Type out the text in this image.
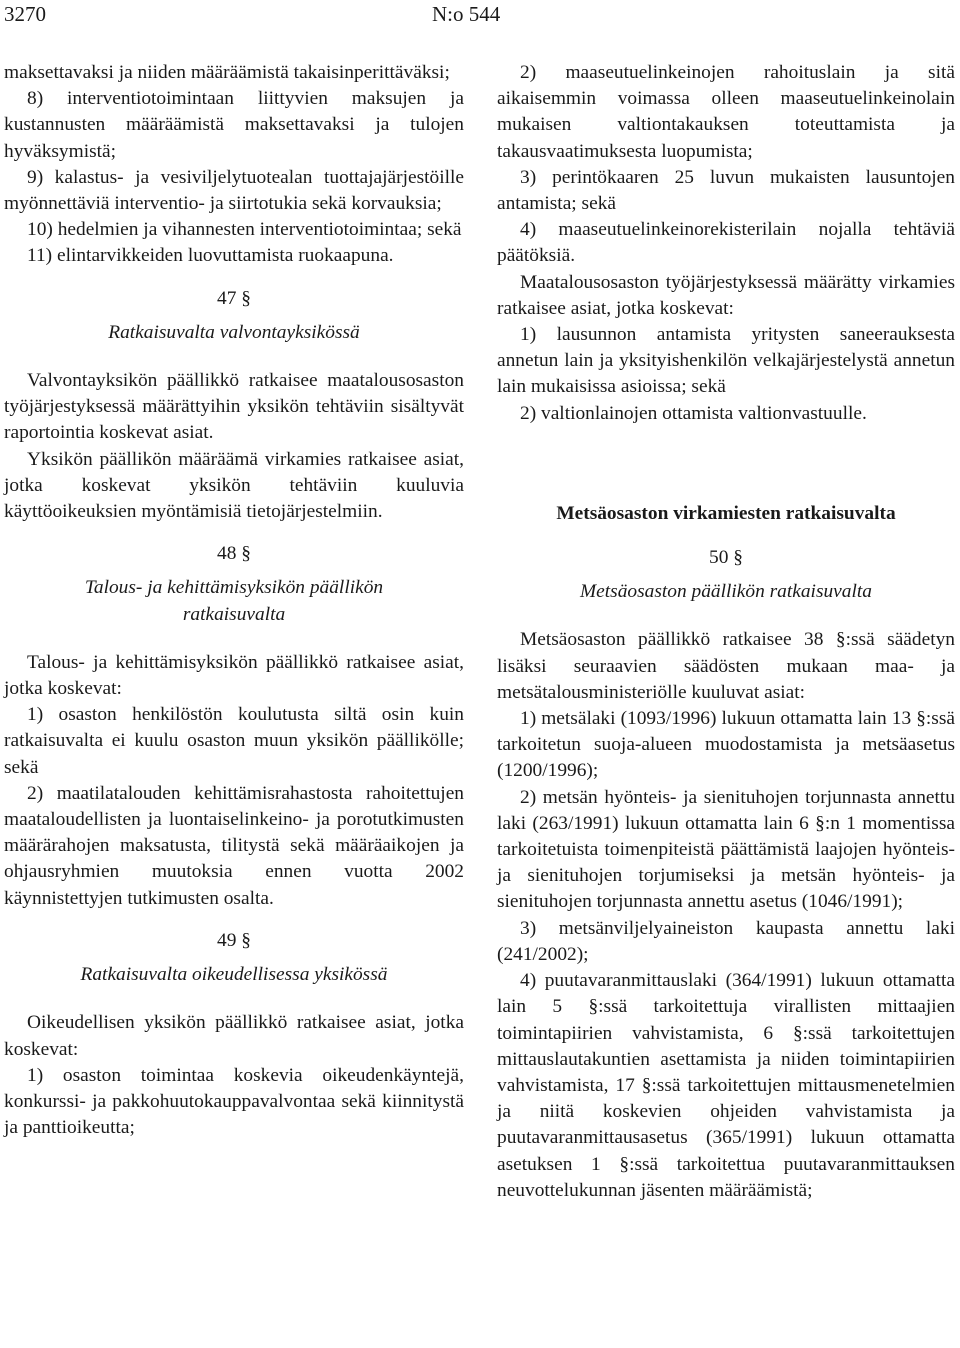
3270	N:o 544

maksettavaksi ja niiden määräämistä takaisinperittäväksi;

8) interventiotoimintaan liittyvien maksujen ja kustannusten määräämistä maksettavaksi ja tulojen hyväksymistä;

9) kalastus- ja vesiviljelytuotealan tuottajajärjestöille myönnettäviä interventio- ja siirtotukia sekä korvauksia;

10) hedelmien ja vihannesten interventiotoimintaa; sekä

11) elintarvikkeiden luovuttamista ruokaapuna.

47 §

Ratkaisuvalta valvontayksikössä

Valvontayksikön päällikkö ratkaisee maatalousosaston työjärjestyksessä määrättyihin yksikön tehtäviin sisältyvät raportointia koskevat asiat.

Yksikön päällikön määräämä virkamies ratkaisee asiat, jotka koskevat yksikön tehtäviin kuuluvia käyttöoikeuksien myöntämisiä tietojärjestelmiin.

48 §

Talous- ja kehittämisyksikön päällikön
ratkaisuvalta

Talous- ja kehittämisyksikön päällikkö ratkaisee asiat, jotka koskevat:

1) osaston henkilöstön koulutusta siltä osin kuin ratkaisuvalta ei kuulu osaston muun yksikön päällikölle; sekä

2) maatilatalouden kehittämisrahastosta rahoitettujen maataloudellisten ja luontaiselinkeino- ja porotutkimusten määrärahojen maksatusta, tilitystä sekä määräaikojen ja ohjausryhmien muutoksia ennen vuotta 2002 käynnistettyjen tutkimusten osalta.

49 §

Ratkaisuvalta oikeudellisessa yksikössä

Oikeudellisen yksikön päällikkö ratkaisee asiat, jotka koskevat:

1) osaston toimintaa koskevia oikeudenkäyntejä, konkurssi- ja pakkohuutokauppavalvontaa sekä kiinnitystä ja panttioikeutta;

2) maaseutuelinkeinojen rahoituslain ja sitä aikaisemmin voimassa olleen maaseutuelinkeinolain mukaisen valtiontakauksen toteuttamista ja takausvaatimuksesta luopumista;

3) perintökaaren 25 luvun mukaisten lausuntojen antamista; sekä

4) maaseutuelinkeinorekisterilain nojalla tehtäviä päätöksiä.

Maatalousosaston työjärjestyksessä määrätty virkamies ratkaisee asiat, jotka koskevat:

1) lausunnon antamista yritysten saneerauksesta annetun lain ja yksityishenkilön velkajärjestelystä annetun lain mukaisissa asioissa; sekä

2) valtionlainojen ottamista valtionvastuulle.

Metsäosaston virkamiesten ratkaisuvalta

50 §

Metsäosaston päällikön ratkaisuvalta

Metsäosaston päällikkö ratkaisee 38 §:ssä säädetyn lisäksi seuraavien säädösten mukaan maa- ja metsätalousministeriölle kuuluvat asiat:

1) metsälaki (1093/1996) lukuun ottamatta lain 13 §:ssä tarkoitetun suoja-alueen muodostamista ja metsäasetus (1200/1996);

2) metsän hyönteis- ja sienituhojen torjunnasta annettu laki (263/1991) lukuun ottamatta lain 6 §:n 1 momentissa tarkoitetuista toimenpiteistä päättämistä laajojen hyönteis- ja sienituhojen torjumiseksi ja metsän hyönteis- ja sienituhojen torjunnasta annettu asetus (1046/1991);

3) metsänviljelyaineiston kaupasta annettu laki (241/2002);

4) puutavaranmittauslaki (364/1991) lukuun ottamatta lain 5 §:ssä tarkoitettuja virallisten mittaajien toimintapiirien vahvistamista, 6 §:ssä tarkoitettujen mittauslautakuntien asettamista ja niiden toimintapiirien vahvistamista, 17 §:ssä tarkoitettujen mittausmenetelmien ja niitä koskevien ohjeiden vahvistamista ja puutavaranmittausasetus (365/1991) lukuun ottamatta asetuksen 1 §:ssä tarkoitettua puutavaranmittauksen neuvottelukunnan jäsenten määräämistä;
